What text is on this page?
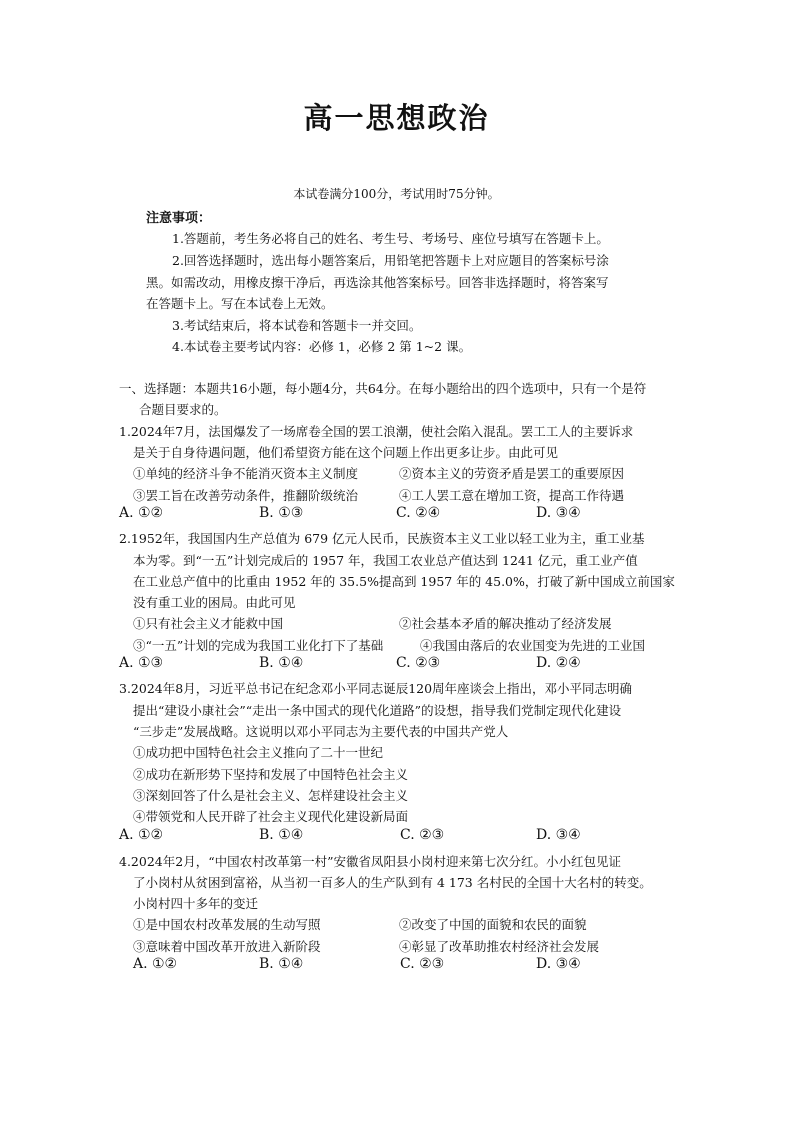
高一思想政治
本试卷满分100分，考试用时75分钟。
注意事项：
1.答题前，考生务必将自己的姓名、考生号、考场号、座位号填写在答题卡上。
2.回答选择题时，选出每小题答案后，用铅笔把答题卡上对应题目的答案标号涂
黑。如需改动，用橡皮擦干净后，再选涂其他答案标号。回答非选择题时，将答案写
在答题卡上。写在本试卷上无效。
3.考试结束后，将本试卷和答题卡一并交回。
4.本试卷主要考试内容：必修 1，必修 2 第 1~2 课。
一、选择题：本题共16小题，每小题4分，共64分。在每小题给出的四个选项中，只有一个是符
合题目要求的。
1.2024年7月，法国爆发了一场席卷全国的罢工浪潮，使社会陷入混乱。罢工工人的主要诉求
是关于自身待遇问题，他们希望资方能在这个问题上作出更多让步。由此可见
①单纯的经济斗争不能消灭资本主义制度	②资本主义的劳资矛盾是罢工的重要原因
③罢工旨在改善劳动条件，推翻阶级统治	④工人罢工意在增加工资，提高工作待遇
A. ①②	B. ①③	C. ②④	D. ③④
2.1952年，我国国内生产总值为 679 亿元人民币，民族资本主义工业以轻工业为主，重工业基
本为零。到“一五”计划完成后的 1957 年，我国工农业总产值达到 1241 亿元，重工业产值
在工业总产值中的比重由 1952 年的 35.5%提高到 1957 年的 45.0%，打破了新中国成立前国家
没有重工业的困局。由此可见
①只有社会主义才能救中国	②社会基本矛盾的解决推动了经济发展
③“一五”计划的完成为我国工业化打下了基础	④我国由落后的农业国变为先进的工业国
A. ①③	B. ①④	C. ②③	D. ②④
3.2024年8月，习近平总书记在纪念邓小平同志诞辰120周年座谈会上指出，邓小平同志明确
提出“建设小康社会”“走出一条中国式的现代化道路”的设想，指导我们党制定现代化建设
“三步走”发展战略。这说明以邓小平同志为主要代表的中国共产党人
①成功把中国特色社会主义推向了二十一世纪
②成功在新形势下坚持和发展了中国特色社会主义
③深刻回答了什么是社会主义、怎样建设社会主义
④带领党和人民开辟了社会主义现代化建设新局面
A. ①②	B. ①④	C. ②③	D. ③④
4.2024年2月，“中国农村改革第一村”安徽省凤阳县小岗村迎来第七次分红。小小红包见证
了小岗村从贫困到富裕，从当初一百多人的生产队到有 4 173 名村民的全国十大名村的转变。
小岗村四十多年的变迁
①是中国农村改革发展的生动写照	②改变了中国的面貌和农民的面貌
③意味着中国改革开放进入新阶段	④彰显了改革助推农村经济社会发展
A. ①②	B. ①④	C. ②③	D. ③④
